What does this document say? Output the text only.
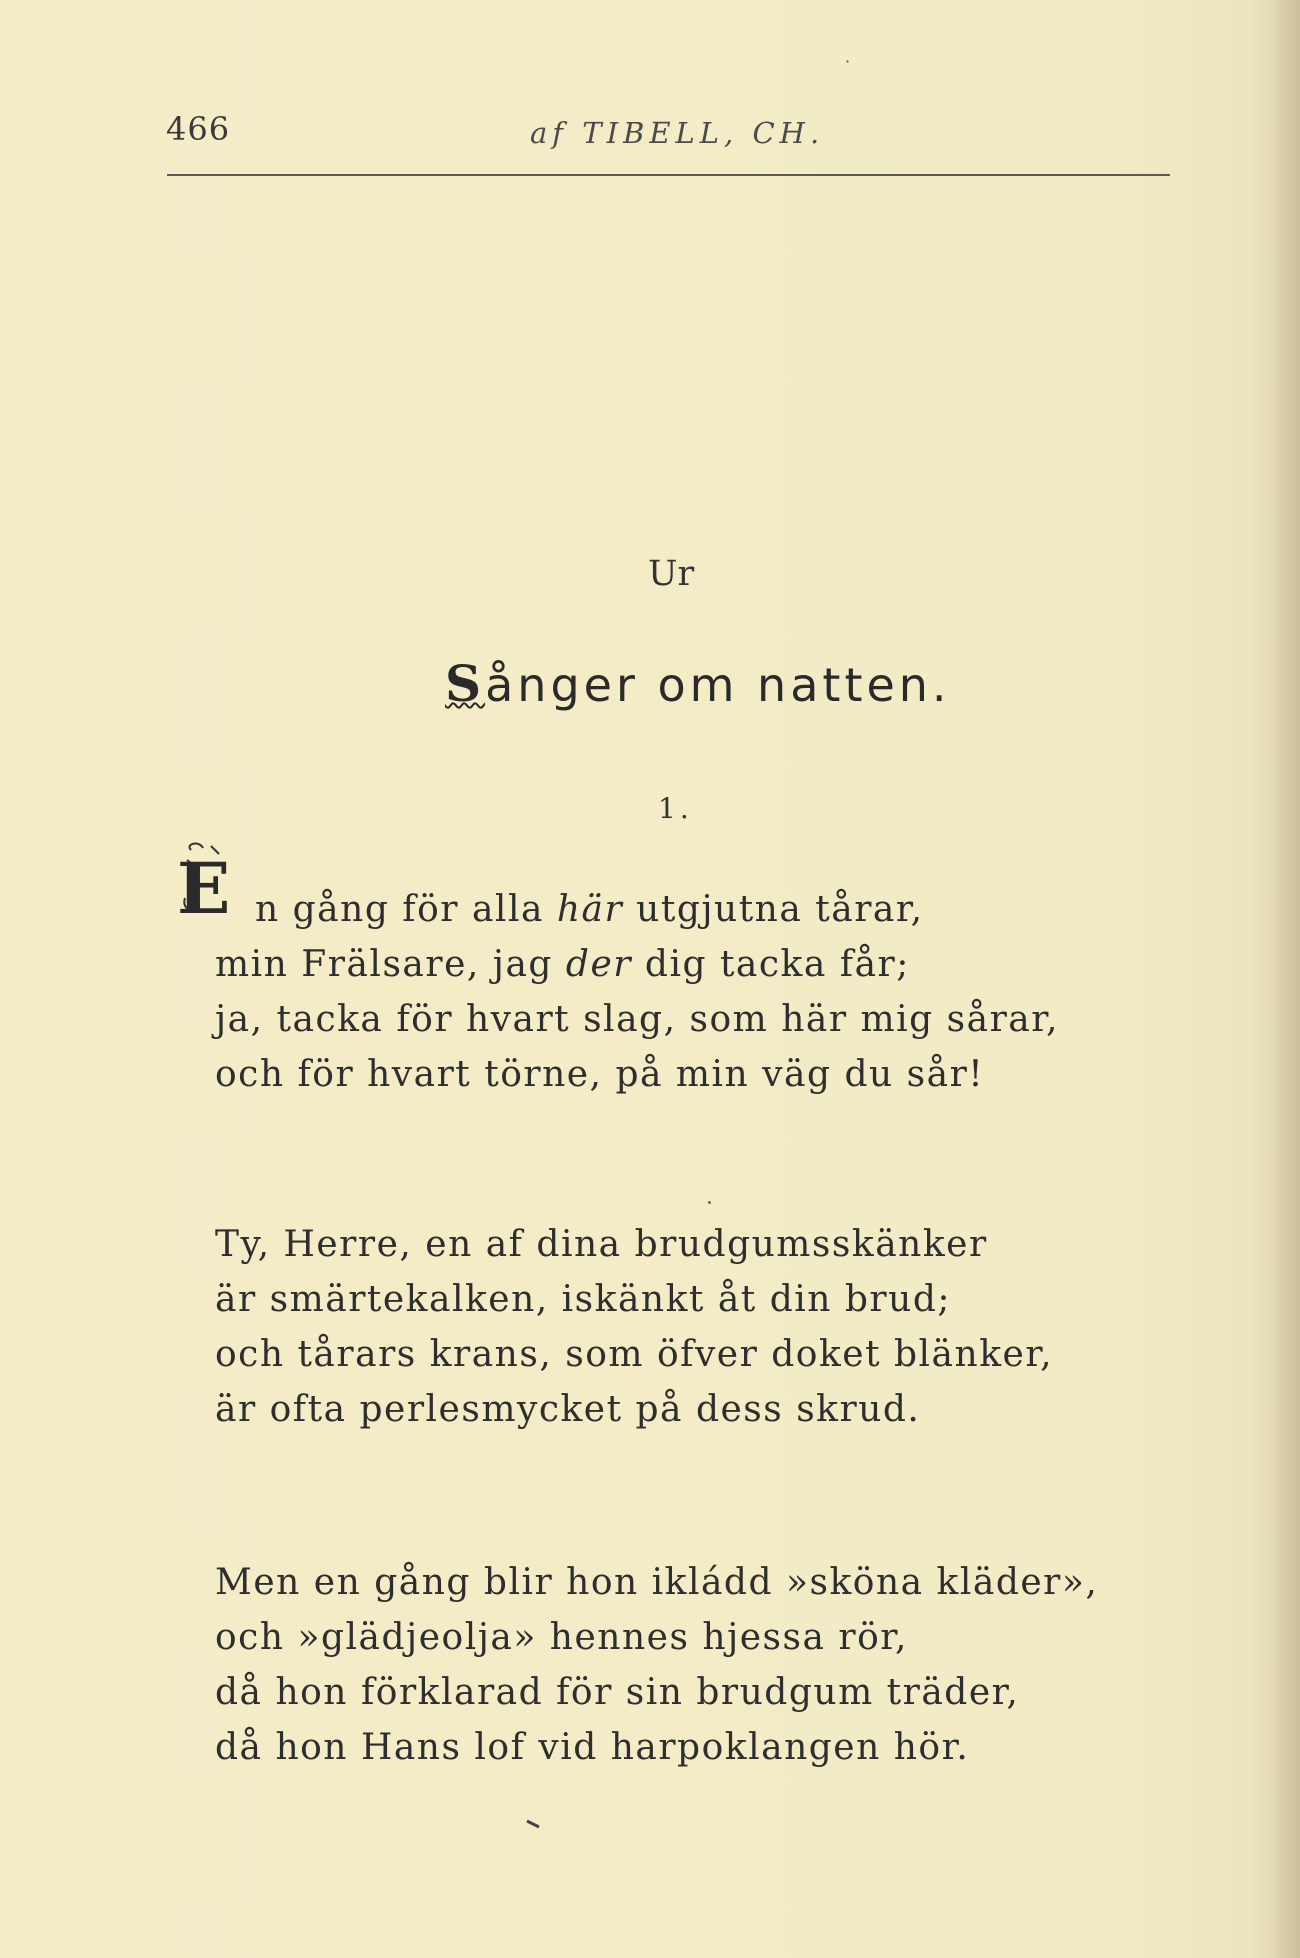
·
466	af TIBELL, CH.
Ur
Sånger om natten.
1.
E n gång för alla här utgjutna tårar,
min Frälsare, jag der dig tacka får;
ja, tacka för hvart slag, som här mig sårar,
och för hvart törne, på min väg du sår!
Ty, Herre, en af dina brudgumsskänker
är smärtekalken, iskänkt åt din brud;
och tårars krans, som öfver doket blänker,
är ofta perlesmycket på dess skrud.
Men en gång blir hon ikládd »sköna kläder»,
och »glädjeolja» hennes hjessa rör,
då hon förklarad för sin brudgum träder,
då hon Hans lof vid harpoklangen hör.
